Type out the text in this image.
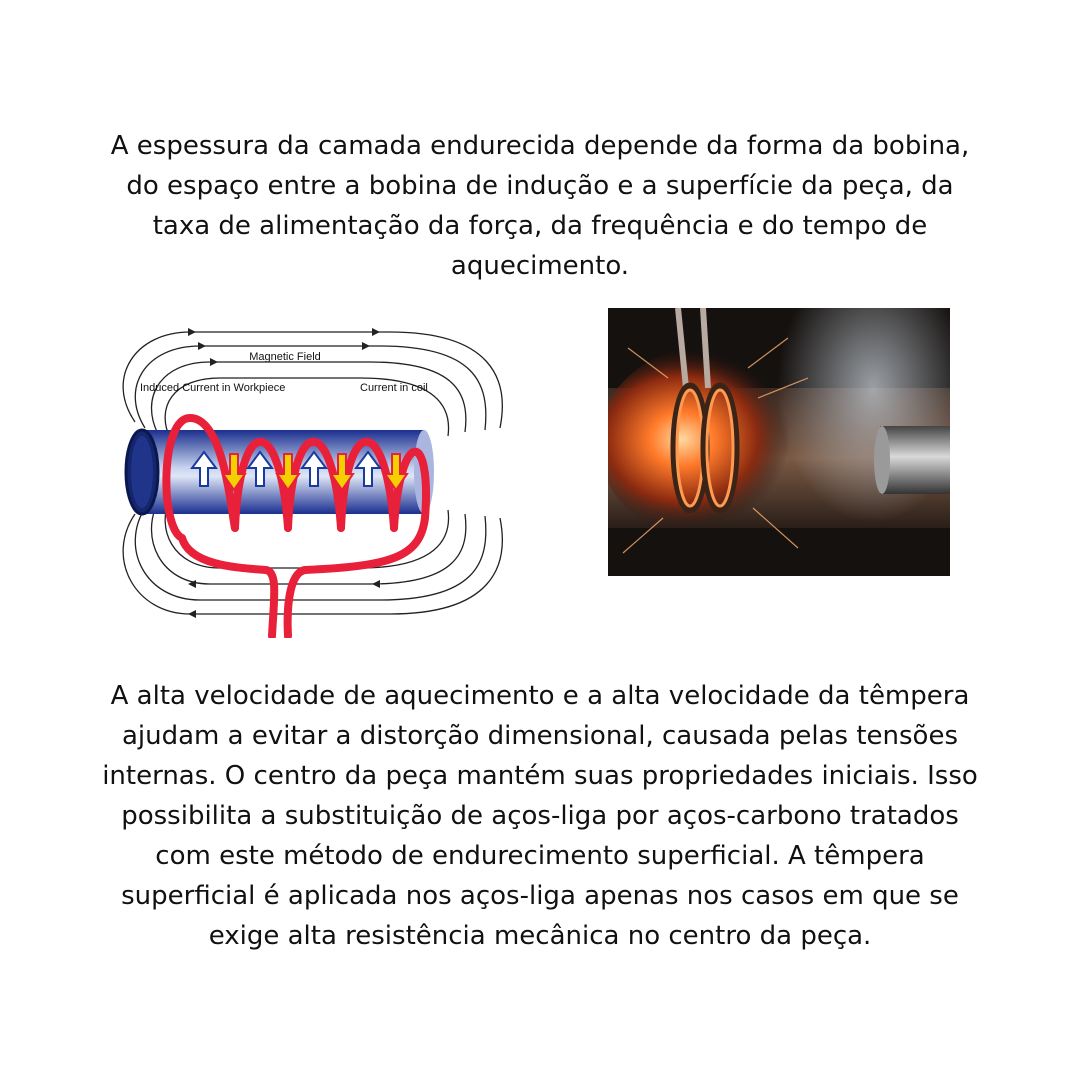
A espessura da camada endurecida depende da forma da bobina,
do espaço entre a bobina de indução e a superfície da peça, da
taxa de alimentação da força, da frequência e do tempo de
aquecimento.

Magnetic Field
Induced Current in Workpiece	Current in coil

A alta velocidade de aquecimento e a alta velocidade da têmpera
ajudam a evitar a distorção dimensional, causada pelas tensões
internas. O centro da peça mantém suas propriedades iniciais. Isso
possibilita a substituição de aços-liga por aços-carbono tratados
com este método de endurecimento superficial. A têmpera
superficial é aplicada nos aços-liga apenas nos casos em que se
exige alta resistência mecânica no centro da peça.
